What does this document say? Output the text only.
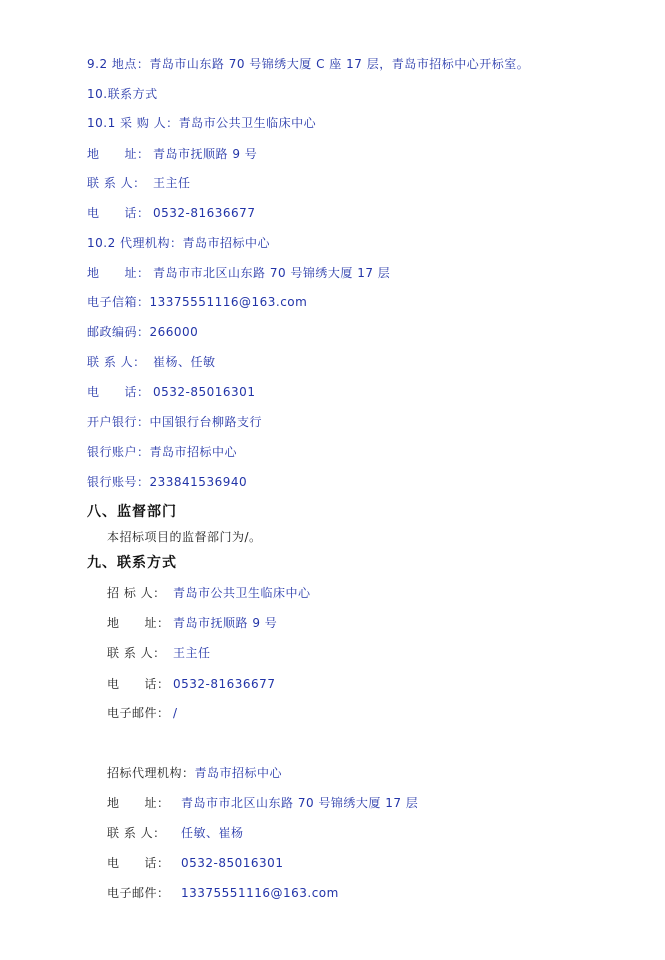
9.2 地点：青岛市山东路 70 号锦绣大厦 C 座 17 层，青岛市招标中心开标室。
10.联系方式
10.1 采 购 人：青岛市公共卫生临床中心
地　　址： 青岛市抚顺路 9 号
联 系 人： 王主任
电　　话： 0532-81636677
10.2 代理机构：青岛市招标中心
地　　址： 青岛市市北区山东路 70 号锦绣大厦 17 层
电子信箱：13375551116@163.com
邮政编码：266000
联 系 人： 崔杨、任敏
电　　话： 0532-85016301
开户银行：中国银行台柳路支行
银行账户：青岛市招标中心
银行账号：233841536940
八、监督部门
本招标项目的监督部门为/。
九、联系方式
招 标 人： 青岛市公共卫生临床中心
地　　址： 青岛市抚顺路 9 号
联 系 人： 王主任
电　　话： 0532-81636677
电子邮件： /
招标代理机构：青岛市招标中心
地　　址： 青岛市市北区山东路 70 号锦绣大厦 17 层
联 系 人： 任敏、崔杨
电　　话： 0532-85016301
电子邮件： 13375551116@163.com
